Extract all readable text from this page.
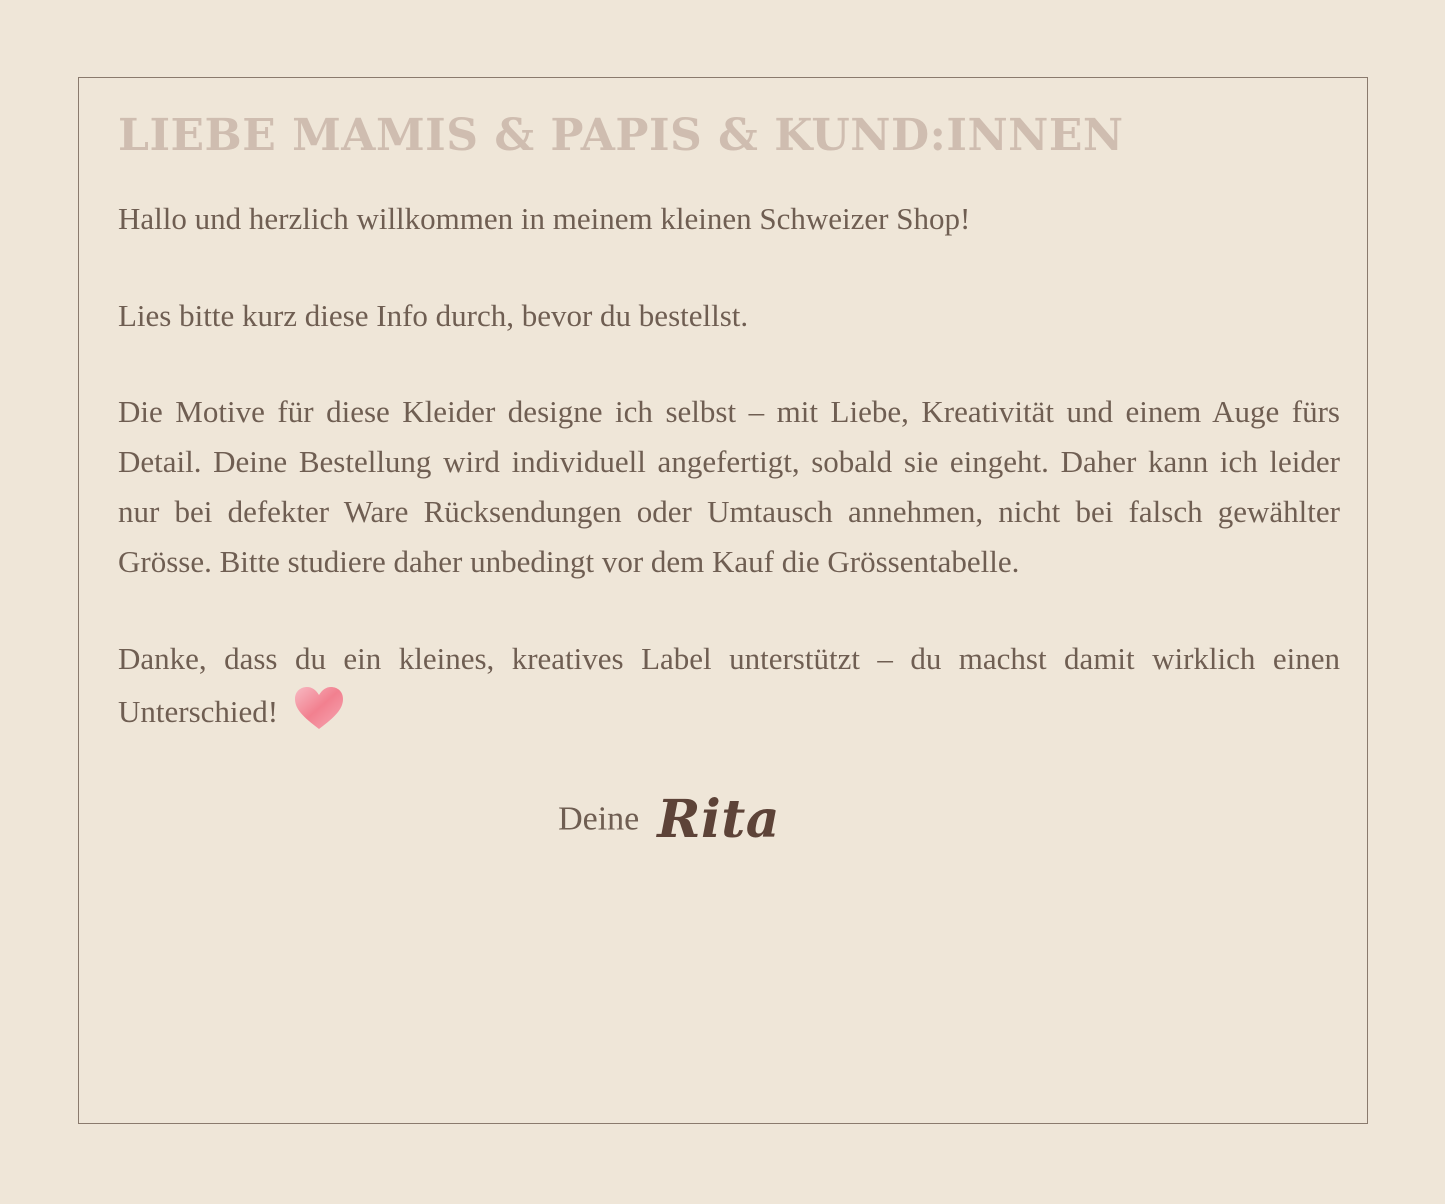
LIEBE MAMIS & PAPIS & KUND:INNEN

Hallo und herzlich willkommen in meinem kleinen Schweizer Shop!

Lies bitte kurz diese Info durch, bevor du bestellst.

Die Motive für diese Kleider designe ich selbst – mit Liebe, Kreativität und einem Auge fürs Detail. Deine Bestellung wird individuell angefertigt, sobald sie eingeht. Daher kann ich leider nur bei defekter Ware Rücksendungen oder Umtausch annehmen, nicht bei falsch gewählter Grösse. Bitte studiere daher unbedingt vor dem Kauf die Grössentabelle.

Danke, dass du ein kleines, kreatives Label unterstützt – du machst damit wirklich einen Unterschied!

Deine Rita
